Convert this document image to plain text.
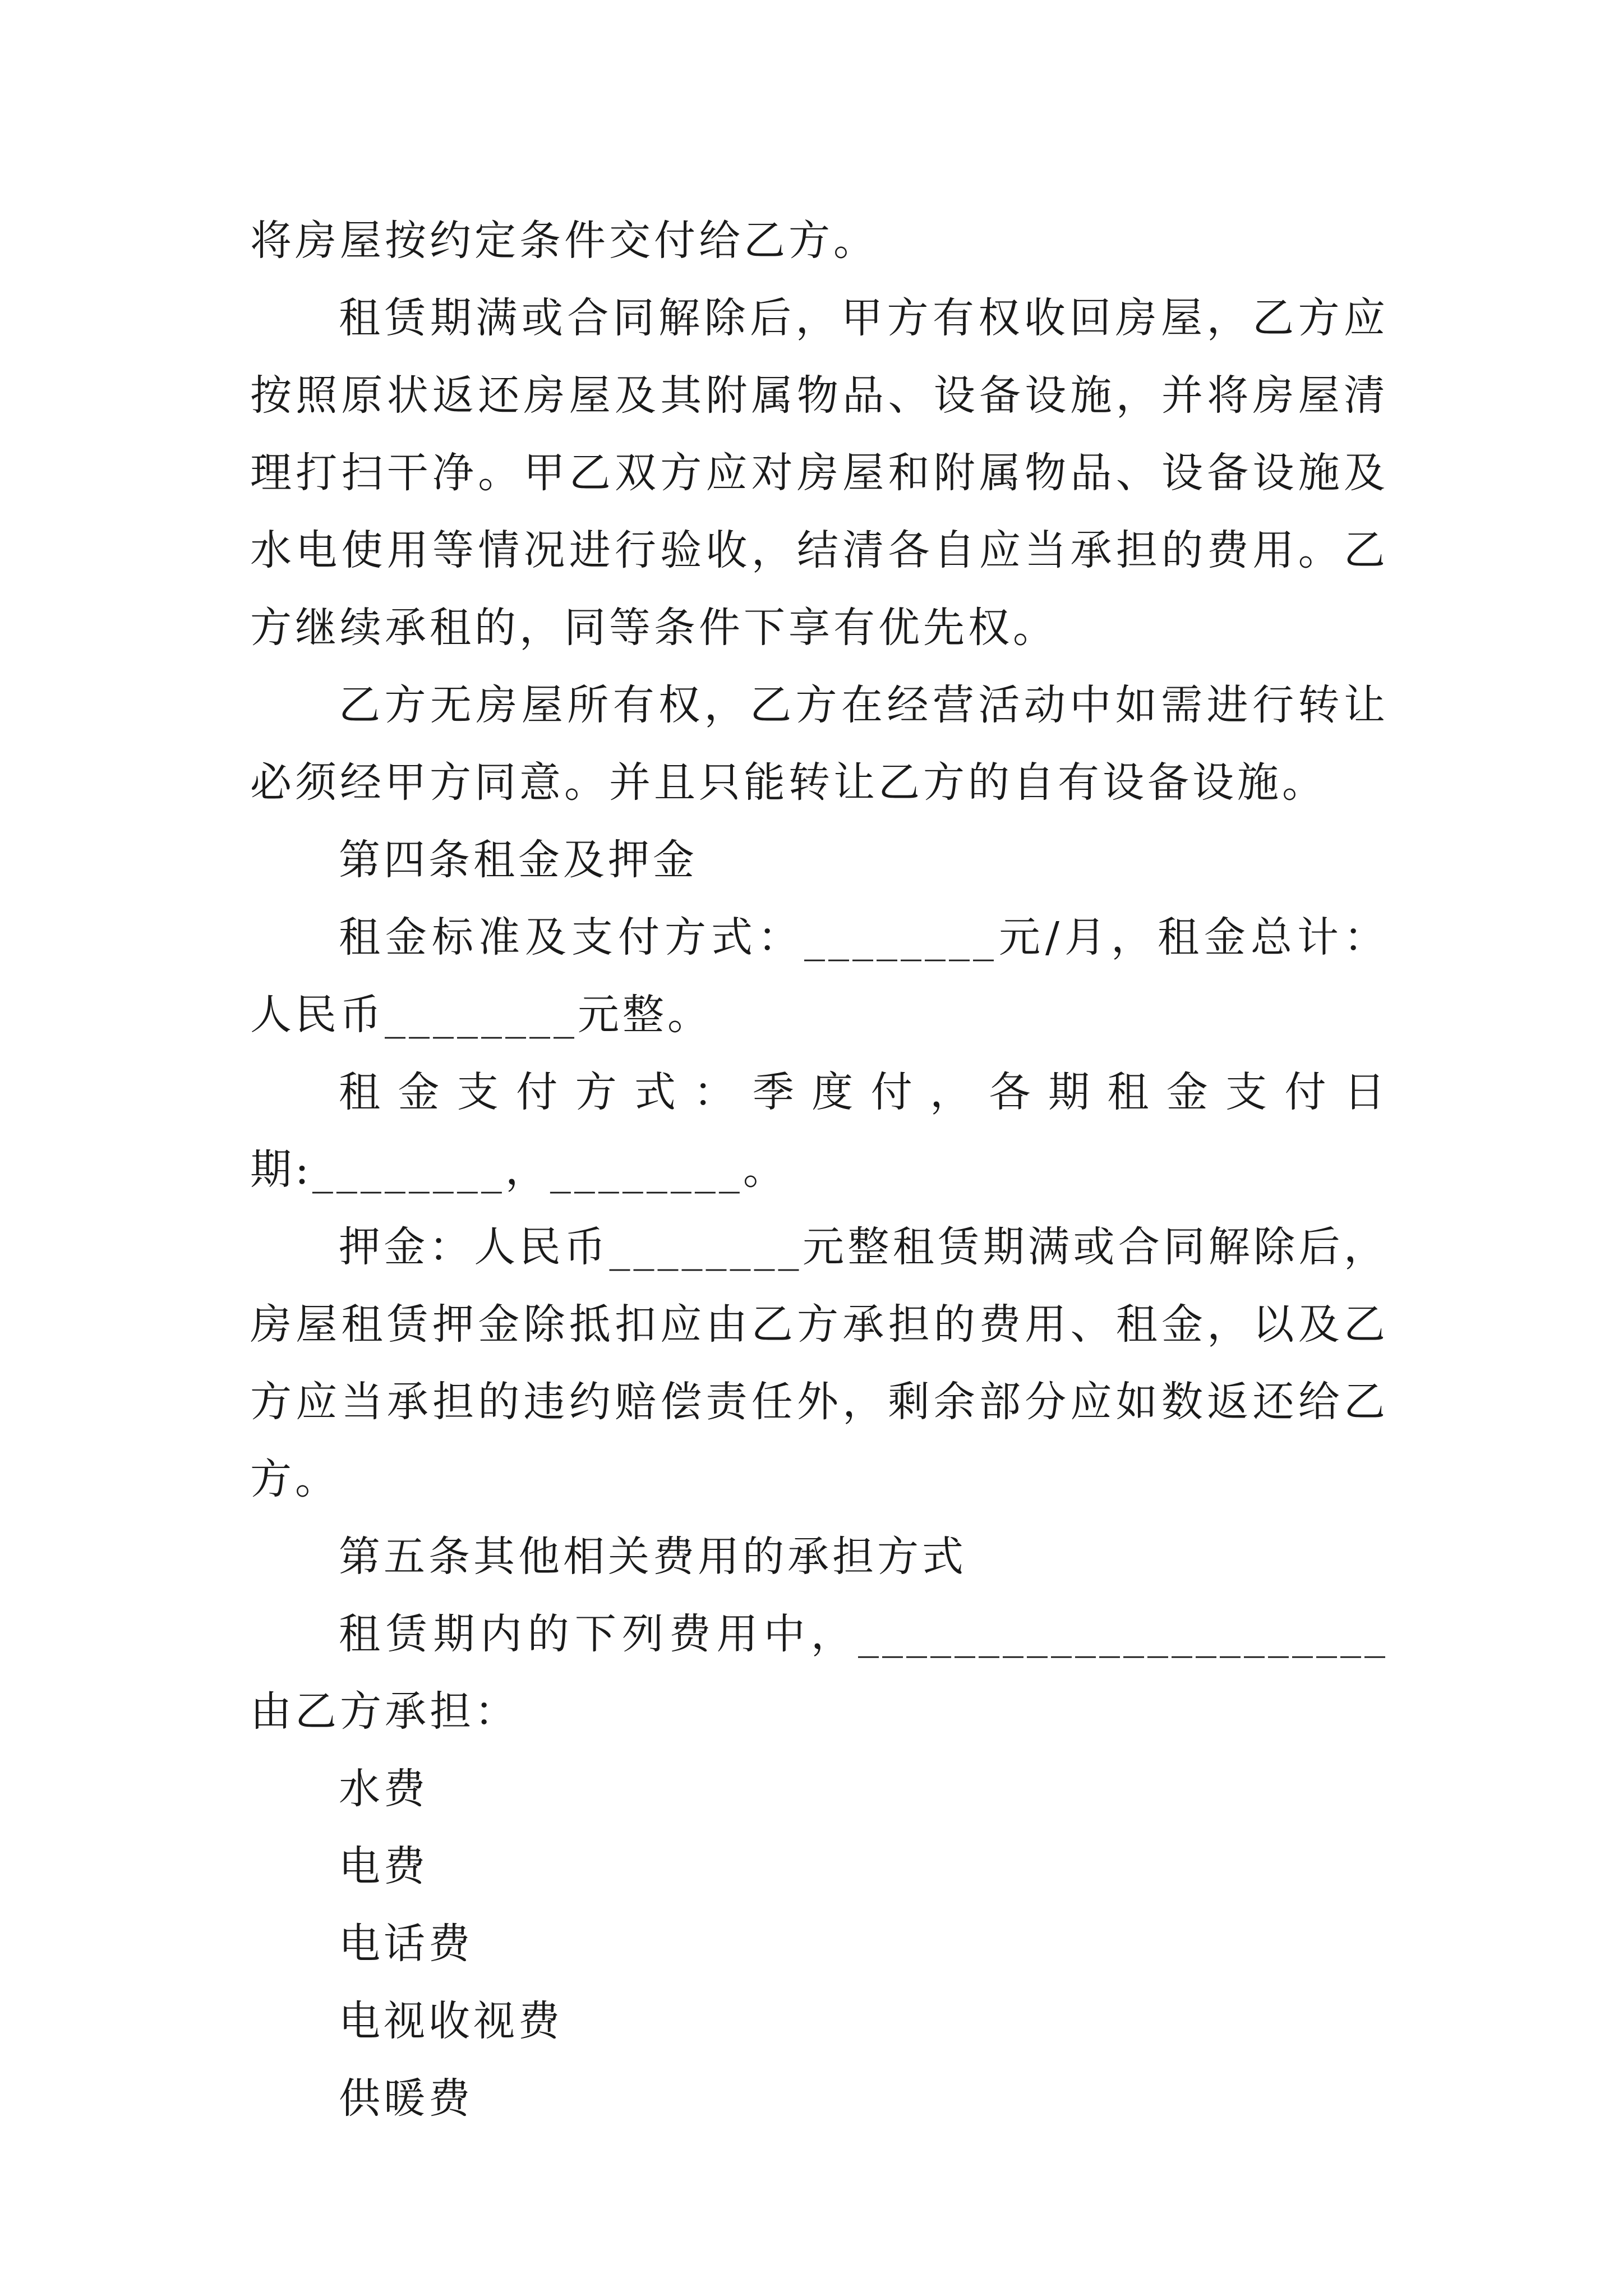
将房屋按约定条件交付给乙方。

租赁期满或合同解除后，甲方有权收回房屋，乙方应按照原状返还房屋及其附属物品、设备设施，并将房屋清理打扫干净。甲乙双方应对房屋和附属物品、设备设施及水电使用等情况进行验收，结清各自应当承担的费用。乙方继续承租的，同等条件下享有优先权。

乙方无房屋所有权，乙方在经营活动中如需进行转让必须经甲方同意。并且只能转让乙方的自有设备设施。

第四条租金及押金

租金标准及支付方式：________元/月，租金总计：人民币________元整。

租金支付方式：季度付，各期租金支付日期:________，________。

押金：人民币________元整租赁期满或合同解除后，房屋租赁押金除抵扣应由乙方承担的费用、租金，以及乙方应当承担的违约赔偿责任外，剩余部分应如数返还给乙方。

第五条其他相关费用的承担方式

租赁期内的下列费用中，______________________由乙方承担：

水费

电费

电话费

电视收视费

供暖费
